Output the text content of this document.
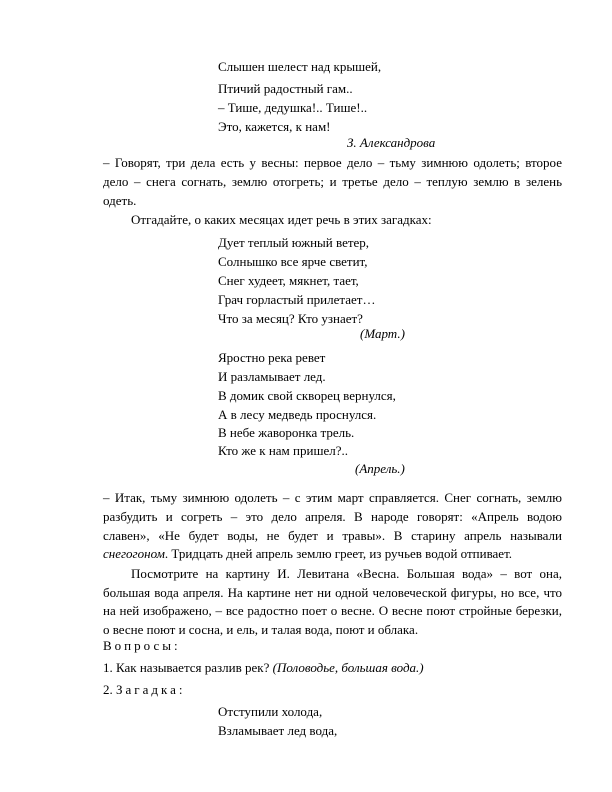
Слышен шелест над крышей,
Птичий радостный гам..
– Тише, дедушка!.. Тише!..
Это, кажется, к нам!
З. Александрова
– Говорят, три дела есть у весны: первое дело – тьму зимнюю одолеть; второе
дело – снега согнать, землю отогреть; и третье дело – теплую землю в зелень
одеть.
Отгадайте, о каких месяцах идет речь в этих загадках:
Дует теплый южный ветер,
Солнышко все ярче светит,
Снег худеет, мякнет, тает,
Грач горластый прилетает…
Что за месяц? Кто узнает?
(Март.)
Яростно река ревет
И разламывает лед.
В домик свой скворец вернулся,
А в лесу медведь проснулся.
В небе жаворонка трель.
Кто же к нам пришел?..
(Апрель.)
– Итак, тьму зимнюю одолеть – с этим март справляется. Снег согнать, землю
разбудить и согреть – это дело апреля. В народе говорят: «Апрель водою
славен», «Не будет воды, не будет и травы». В старину апрель называли
снегогоном. Тридцать дней апрель землю греет, из ручьев водой отпивает.
Посмотрите на картину И. Левитана «Весна. Большая вода» – вот она,
большая вода апреля. На картине нет ни одной человеческой фигуры, но все, что
на ней изображено, – все радостно поет о весне. О весне поют стройные березки,
о весне поют и сосна, и ель, и талая вода, поют и облака.
Вопросы:
1. Как называется разлив рек? (Половодье, большая вода.)
2. Загадка:
Отступили холода,
Взламывает лед вода,
